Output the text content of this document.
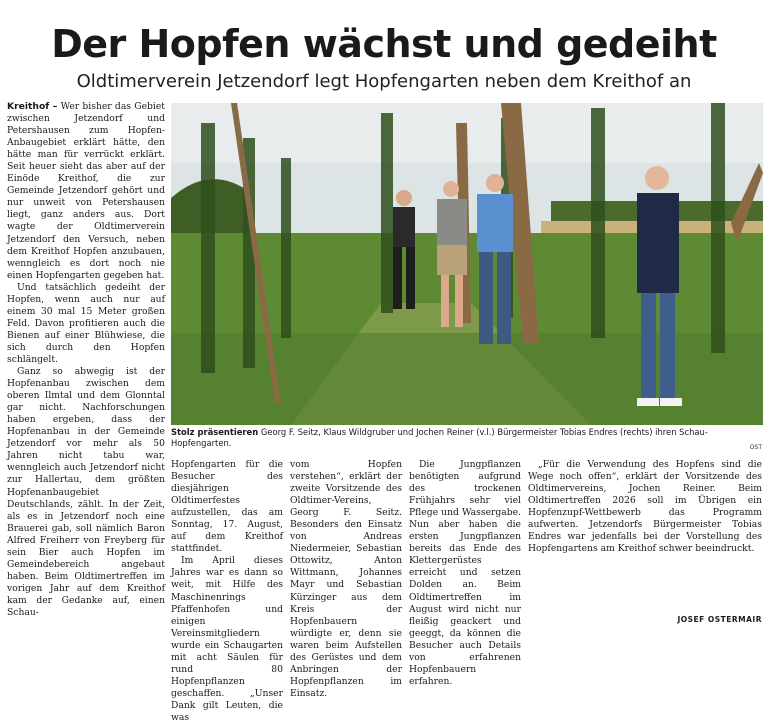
Der Hopfen wächst und gedeiht
Oldtimerverein Jetzendorf legt Hopfengarten neben dem Kreithof an

Kreithof – Wer bisher das Gebiet zwischen Jetzendorf und Petershausen zum Hopfen-Anbaugebiet erklärt hätte, den hätte man für verrückt erklärt. Seit heuer sieht das aber auf der Einöde Kreithof, die zur Gemeinde Jetzendorf gehört und nur unweit von Petershausen liegt, ganz anders aus. Dort wagte der Oldtimerverein Jetzendorf den Versuch, neben dem Kreithof Hopfen anzubauen, wenngleich es dort noch nie einen Hopfengarten gegeben hat.

Und tatsächlich gedeiht der Hopfen, wenn auch nur auf einem 30 mal 15 Meter großen Feld. Davon profitieren auch die Bienen auf einer Blühwiese, die sich durch den Hopfen schlängelt.

Ganz so abwegig ist der Hopfenanbau zwischen dem oberen Ilmtal und dem Glonntal gar nicht. Nachforschungen haben ergeben, dass der Hopfenanbau in der Gemeinde Jetzendorf vor mehr als 50 Jahren nicht tabu war, wenngleich auch Jetzendorf nicht zur Hallertau, dem größten Hopfenanbaugebiet Deutschlands, zählt. In der Zeit, als es in Jetzendorf noch eine Brauerei gab, soll nämlich Baron Alfred Freiherr von Freyberg für sein Bier auch Hopfen im Gemeindebereich angebaut haben. Beim Oldtimertreffen im vorigen Jahr auf dem Kreithof kam der Gedanke auf, einen Schau-

Stolz präsentieren Georg F. Seitz, Klaus Wildgruber und Jochen Reiner (v.l.) Bürgermeister Tobias Endres (rechts) ihren Schau-Hopfengarten.	OST

Hopfengarten für die Besucher des diesjährigen Oldtimerfestes aufzustellen, das am Sonntag, 17. August, auf dem Kreithof stattfindet.

Im April dieses Jahres war es dann so weit, mit Hilfe des Maschinenrings Pfaffenhofen und einigen Vereinsmitgliedern wurde ein Schaugarten mit acht Säulen für rund 80 Hopfenpflanzen geschaffen. „Unser Dank gilt Leuten, die was

vom Hopfen verstehen“, erklärt der zweite Vorsitzende des Oldtimer-Vereins, Georg F. Seitz. Besonders den Einsatz von Andreas Niedermeier, Sebastian Ottowitz, Anton Wittmann, Johannes Mayr und Sebastian Kürzinger aus dem Kreis der Hopfenbauern würdigte er, denn sie waren beim Aufstellen des Gerüstes und dem Anbringen der Hopfenpflanzen im Einsatz.

Die Jungpflanzen benötigten aufgrund des trockenen Frühjahrs sehr viel Pflege und Wassergabe. Nun aber haben die ersten Jungpflanzen bereits das Ende des Klettergerüstes erreicht und setzen Dolden an. Beim Oldtimertreffen im August wird nicht nur fleißig geackert und geeggt, da können die Besucher auch Details von erfahrenen Hopfenbauern erfahren.

„Für die Verwendung des Hopfens sind die Wege noch offen“, erklärt der Vorsitzende des Oldtimervereins, Jochen Reiner. Beim Oldtimertreffen 2026 soll im Übrigen ein Hopfenzupf-Wettbewerb das Programm aufwerten. Jetzendorfs Bürgermeister Tobias Endres war jedenfalls bei der Vorstellung des Hopfengartens am Kreithof schwer beeindruckt.

JOSEF OSTERMAIR
